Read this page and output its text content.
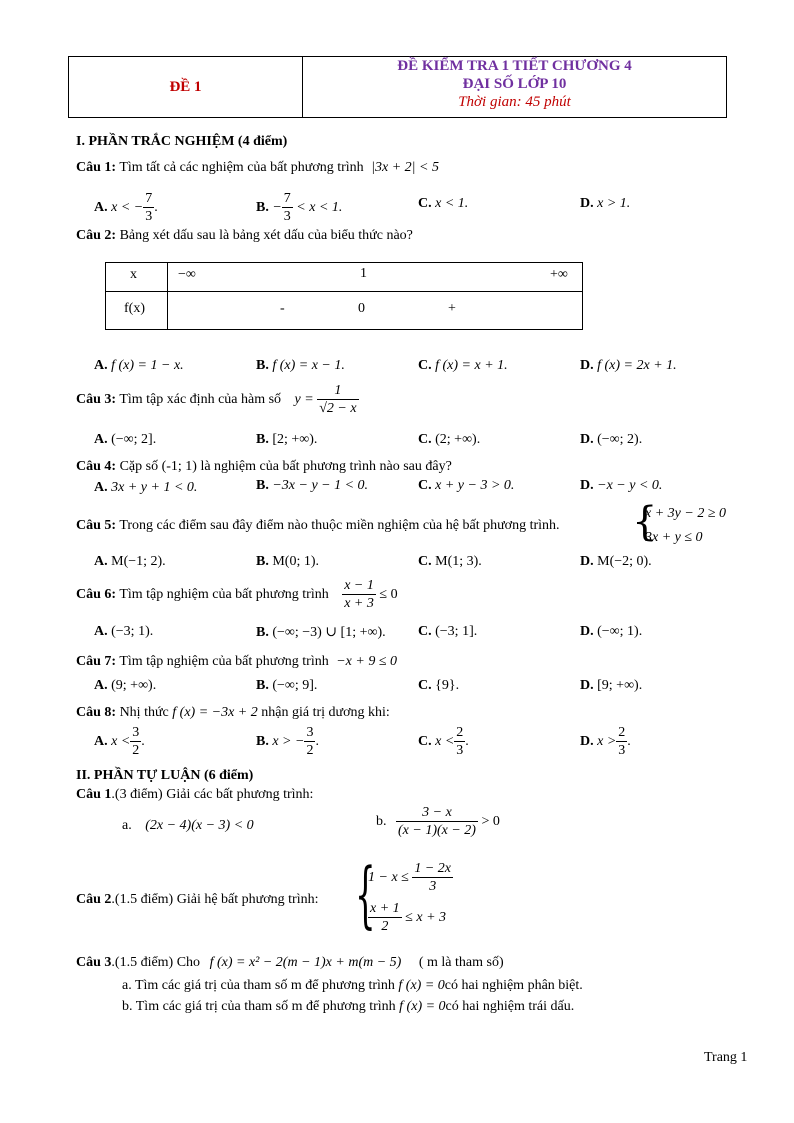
ĐỀ 1
ĐỀ KIỂM TRA 1 TIẾT CHƯƠNG 4
ĐẠI SỐ LỚP 10
Thời gian: 45 phút
I. PHẦN TRẮC NGHIỆM (4 điểm)
Câu 1: Tìm tất cả các nghiệm của bất phương trình |3x + 2| < 5
A. x < − $\frac{7}{3}$ .	B. − $\frac{7}{3} < x < 1$.	C. x < 1.	D. x > 1.
Câu 2: Bảng xét dấu sau là bảng xét dấu của biểu thức nào?
x	−∞	1	+∞
f(x)	-	0	+
A. f (x) = 1 − x.	B. f (x) = x − 1.	C. f (x) = x + 1.	D. f (x) = 2x + 1.
Câu 3: Tìm tập xác định của hàm số $y = \frac{1}{√2 - x}$
A. (−∞; 2].	B. [2; +∞).	C. (2; +∞).	D. (−∞; 2).
Câu 4: Cặp số (-1; 1) là nghiệm của bất phương trình nào sau đây?
A. 3x + y + 1 < 0.	B. −3x − y − 1 < 0.	C. x + y − 3 > 0.	D. −x − y < 0.
Câu 5: Trong các điểm sau đây điểm nào thuộc miền nghiệm của hệ bất phương trình. {
x + 3y − 2 ≥ 0
3x + y ≤ 0
A. M(−1; 2).	B. M(0; 1).	C. M(1; 3).	D. M(−2; 0).
Câu 6: Tìm tập nghiệm của bất phương trình $\frac{x - 1}{x + 3} \le 0$
A. (−3; 1).	B. (−∞; −3) ∪ [1; +∞). C. (−3; 1].	D. (−∞; 1).
Câu 7: Tìm tập nghiệm của bất phương trình −x + 9 ≤ 0
A. (9; +∞).	B. (−∞; 9].	C. {9}.	D. [9; +∞).
Câu 8: Nhị thức f (x) = −3x + 2 nhận giá trị dương khi:
A. $x < \frac{3}{2}$ .	B. x > − $\frac{3}{2}$ .	C. $x < \frac{2}{3}$ .	D. $x > \frac{2}{3}$ .
II. PHẦN TỰ LUẬN (6 điểm)
Câu 1.(3 điểm) Giải các bất phương trình:
a. (2x − 4)(x − 3) < 0	b. $\frac{3 - x}{(x - 1)(x - 2)} > 0$
Câu 2.(1.5 điểm) Giải hệ bất phương trình: {
$1 - x \le \frac{1 - 2x}{3}$
$\frac{x + 1}{2} \le x + 3$
Câu 3.(1.5 điểm) Cho f (x) = x² − 2(m − 1)x + m(m − 5) ( m là tham số)
a. Tìm các giá trị của tham số m để phương trình f (x) = 0có hai nghiệm phân biệt.
b. Tìm các giá trị của tham số m để phương trình f (x) = 0có hai nghiệm trái dấu.
Trang 1
